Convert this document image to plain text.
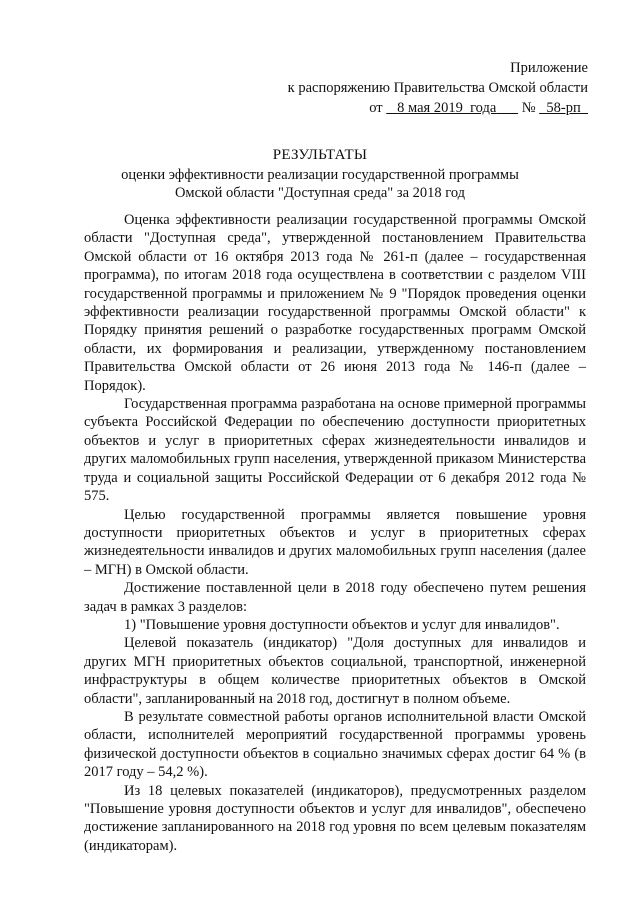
Приложение
к распоряжению Правительства Омской области
от 8 мая 2019  года № 58-рп
РЕЗУЛЬТАТЫ
оценки эффективности реализации государственной программы
Омской области "Доступная среда" за 2018 год

Оценка эффективности реализации государственной программы Омской области "Доступная среда", утвержденной постановлением Правительства Омской области от 16 октября 2013 года № 261-п (далее – государственная программа), по итогам 2018 года осуществлена в соответствии с разделом VIII государственной программы и приложением № 9 "Порядок проведения оценки эффективности реализации государственной программы Омской области" к Порядку принятия решений о разработке государственных программ Омской области, их формирования и реализации, утвержденному постановлением Правительства Омской области от 26 июня 2013 года № 146-п (далее – Порядок).

Государственная программа разработана на основе примерной программы субъекта Российской Федерации по обеспечению доступности приоритетных объектов и услуг в приоритетных сферах жизнедеятельности инвалидов и других маломобильных групп населения, утвержденной приказом Министерства труда и социальной защиты Российской Федерации от 6 декабря 2012 года № 575.

Целью государственной программы является повышение уровня доступности приоритетных объектов и услуг в приоритетных сферах жизнедеятельности инвалидов и других маломобильных групп населения (далее – МГН) в Омской области.

Достижение поставленной цели в 2018 году обеспечено путем решения задач в рамках 3 разделов:

1) "Повышение уровня доступности объектов и услуг для инвалидов".

Целевой показатель (индикатор) "Доля доступных для инвалидов и других МГН приоритетных объектов социальной, транспортной, инженерной инфраструктуры в общем количестве приоритетных объектов в Омской области", запланированный на 2018 год, достигнут в полном объеме.

В результате совместной работы органов исполнительной власти Омской области, исполнителей мероприятий государственной программы уровень физической доступности объектов в социально значимых сферах достиг 64 % (в 2017 году – 54,2 %).

Из 18 целевых показателей (индикаторов), предусмотренных разделом "Повышение уровня доступности объектов и услуг для инвалидов", обеспечено достижение запланированного на 2018 год уровня по всем целевым показателям (индикаторам).
